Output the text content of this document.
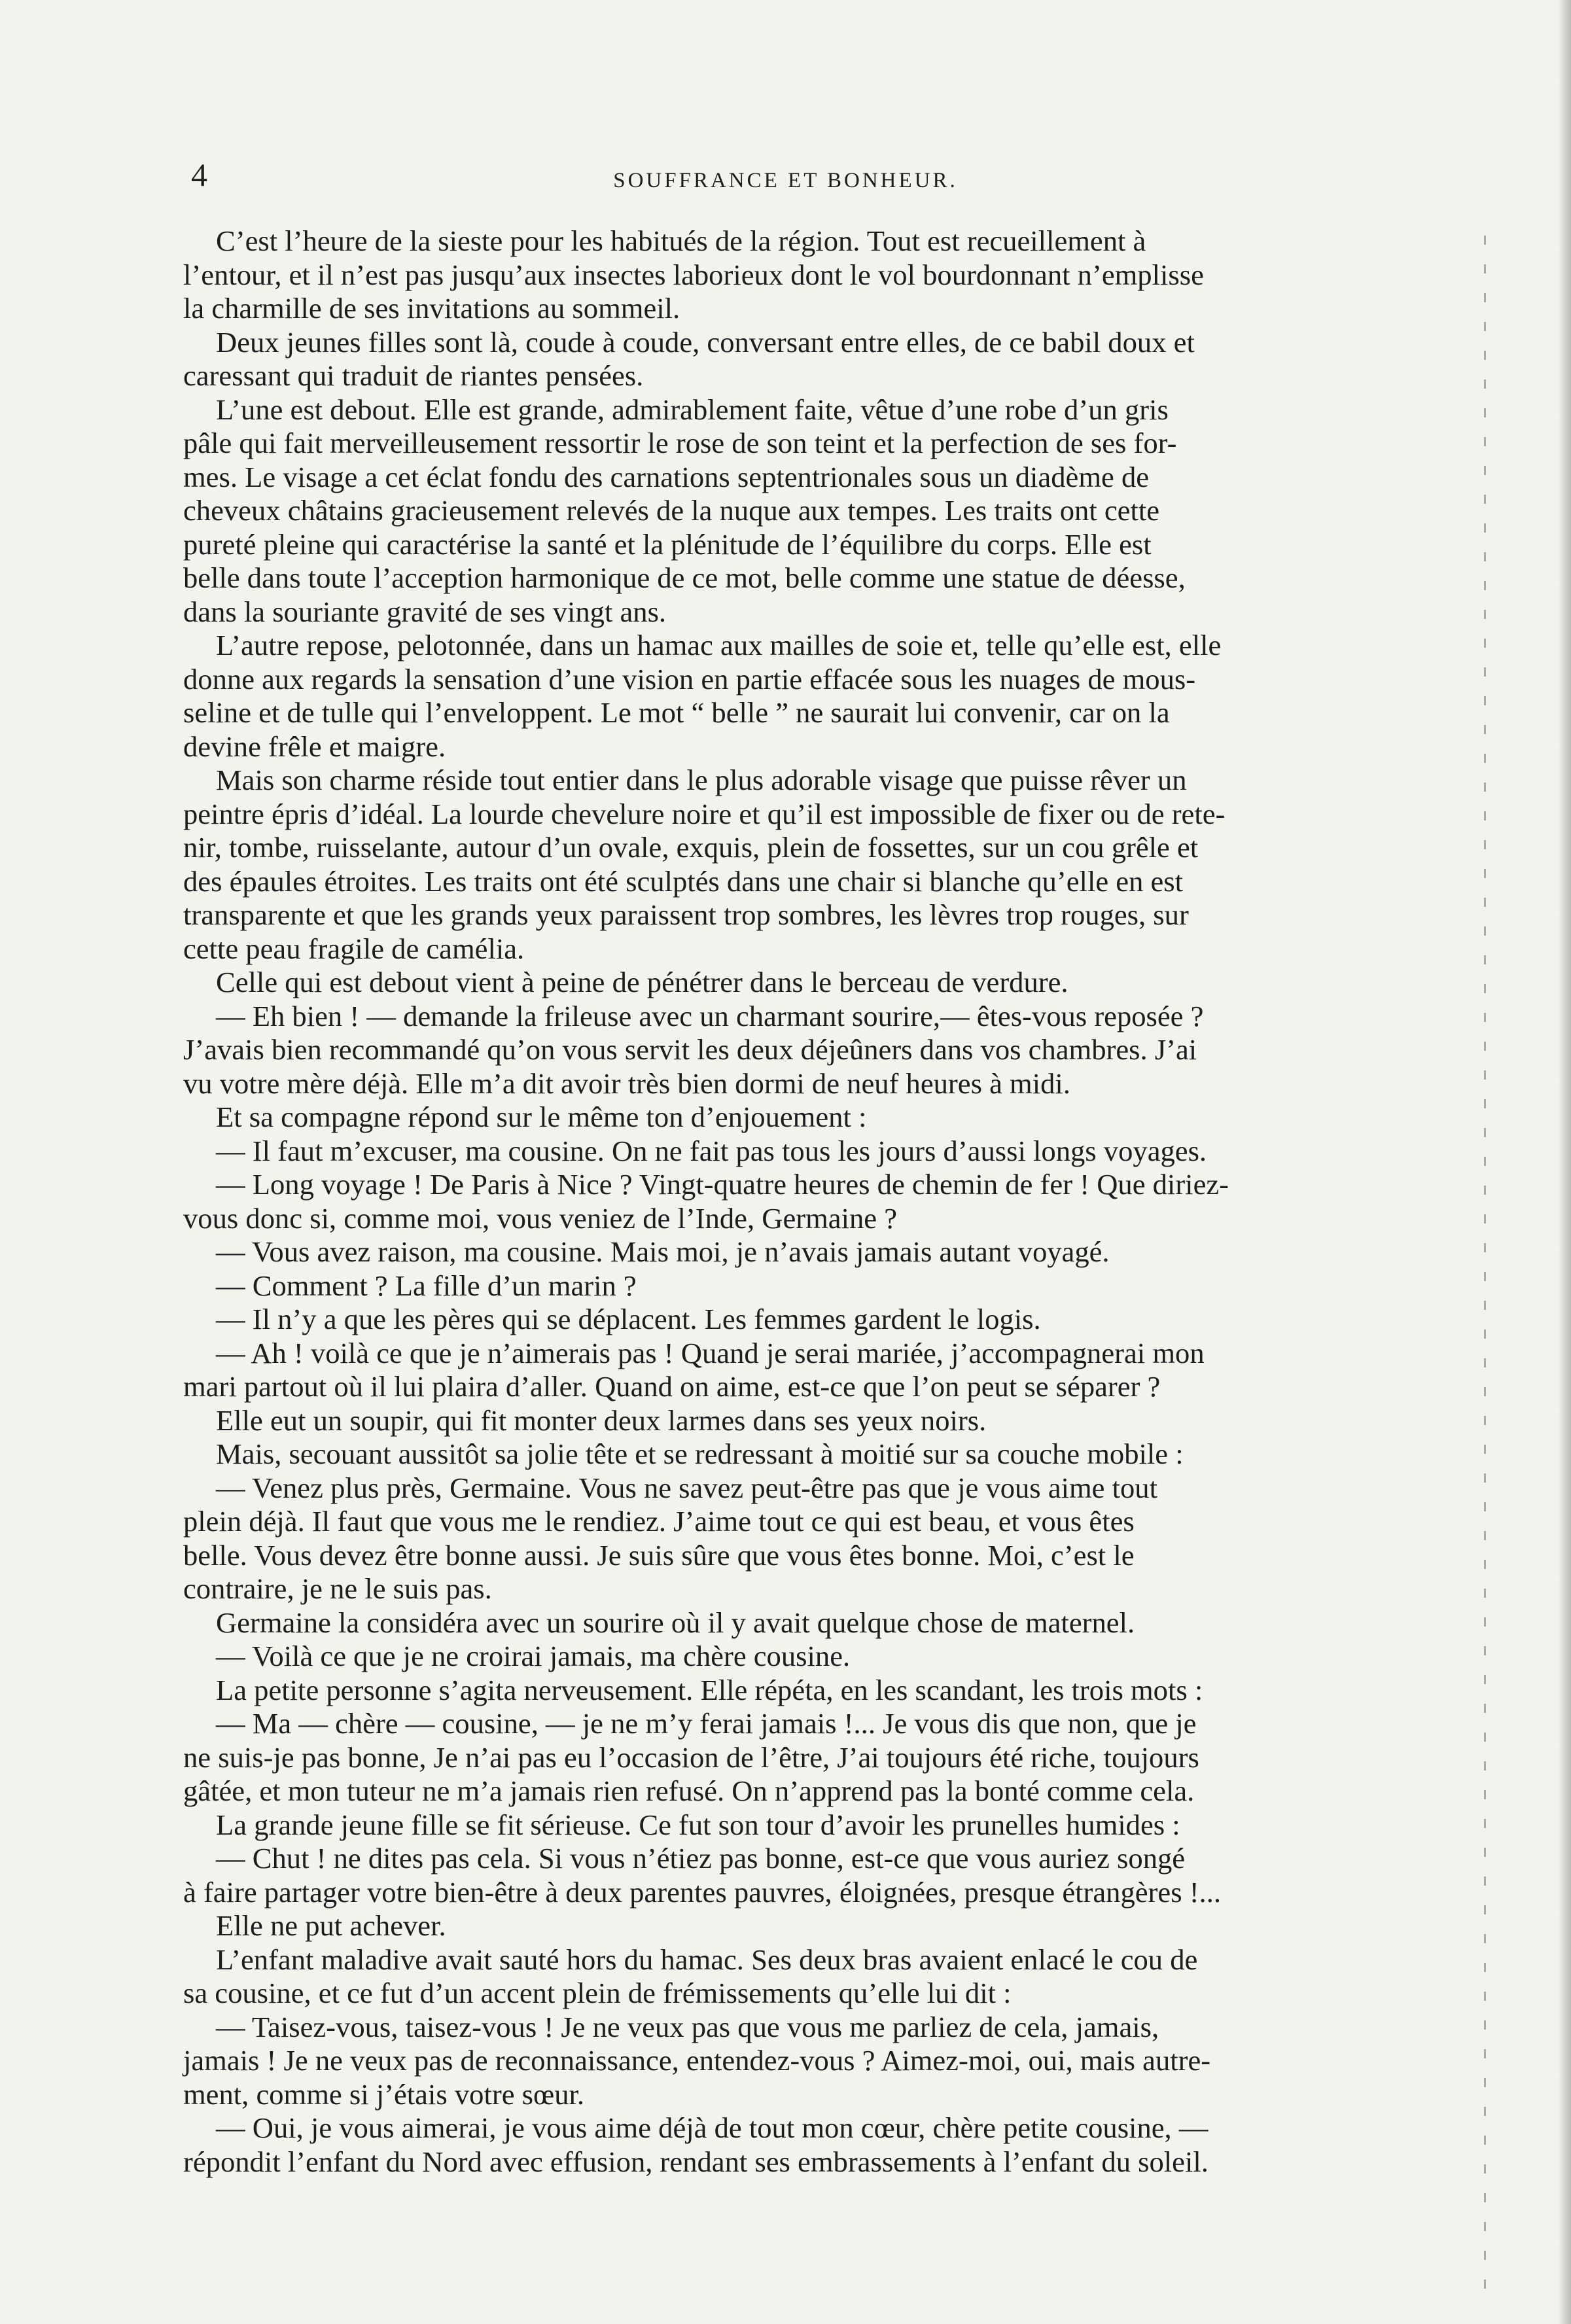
4	SOUFFRANCE ET BONHEUR.

C’est l’heure de la sieste pour les habitués de la région. Tout est recueillement à
l’entour, et il n’est pas jusqu’aux insectes laborieux dont le vol bourdonnant n’emplisse
la charmille de ses invitations au sommeil.

Deux jeunes filles sont là, coude à coude, conversant entre elles, de ce babil doux et
caressant qui traduit de riantes pensées.

L’une est debout. Elle est grande, admirablement faite, vêtue d’une robe d’un gris
pâle qui fait merveilleusement ressortir le rose de son teint et la perfection de ses for-
mes. Le visage a cet éclat fondu des carnations septentrionales sous un diadème de
cheveux châtains gracieusement relevés de la nuque aux tempes. Les traits ont cette
pureté pleine qui caractérise la santé et la plénitude de l’équilibre du corps. Elle est
belle dans toute l’acception harmonique de ce mot, belle comme une statue de déesse,
dans la souriante gravité de ses vingt ans.

L’autre repose, pelotonnée, dans un hamac aux mailles de soie et, telle qu’elle est, elle
donne aux regards la sensation d’une vision en partie effacée sous les nuages de mous-
seline et de tulle qui l’enveloppent. Le mot “ belle ” ne saurait lui convenir, car on la
devine frêle et maigre.

Mais son charme réside tout entier dans le plus adorable visage que puisse rêver un
peintre épris d’idéal. La lourde chevelure noire et qu’il est impossible de fixer ou de rete-
nir, tombe, ruisselante, autour d’un ovale, exquis, plein de fossettes, sur un cou grêle et
des épaules étroites. Les traits ont été sculptés dans une chair si blanche qu’elle en est
transparente et que les grands yeux paraissent trop sombres, les lèvres trop rouges, sur
cette peau fragile de camélia.

Celle qui est debout vient à peine de pénétrer dans le berceau de verdure.

— Eh bien ! — demande la frileuse avec un charmant sourire,— êtes-vous reposée ?
J’avais bien recommandé qu’on vous servit les deux déjeûners dans vos chambres. J’ai
vu votre mère déjà. Elle m’a dit avoir très bien dormi de neuf heures à midi.

Et sa compagne répond sur le même ton d’enjouement :

— Il faut m’excuser, ma cousine. On ne fait pas tous les jours d’aussi longs voyages.

— Long voyage ! De Paris à Nice ? Vingt-quatre heures de chemin de fer ! Que diriez-
vous donc si, comme moi, vous veniez de l’Inde, Germaine ?

— Vous avez raison, ma cousine. Mais moi, je n’avais jamais autant voyagé.

— Comment ? La fille d’un marin ?

— Il n’y a que les pères qui se déplacent. Les femmes gardent le logis.

— Ah ! voilà ce que je n’aimerais pas ! Quand je serai mariée, j’accompagnerai mon
mari partout où il lui plaira d’aller. Quand on aime, est-ce que l’on peut se séparer ?

Elle eut un soupir, qui fit monter deux larmes dans ses yeux noirs.

Mais, secouant aussitôt sa jolie tête et se redressant à moitié sur sa couche mobile :

— Venez plus près, Germaine. Vous ne savez peut-être pas que je vous aime tout
plein déjà. Il faut que vous me le rendiez. J’aime tout ce qui est beau, et vous êtes
belle. Vous devez être bonne aussi. Je suis sûre que vous êtes bonne. Moi, c’est le
contraire, je ne le suis pas.

Germaine la considéra avec un sourire où il y avait quelque chose de maternel.

— Voilà ce que je ne croirai jamais, ma chère cousine.

La petite personne s’agita nerveusement. Elle répéta, en les scandant, les trois mots :

— Ma — chère — cousine, — je ne m’y ferai jamais !... Je vous dis que non, que je
ne suis-je pas bonne, Je n’ai pas eu l’occasion de l’être, J’ai toujours été riche, toujours
gâtée, et mon tuteur ne m’a jamais rien refusé. On n’apprend pas la bonté comme cela.

La grande jeune fille se fit sérieuse. Ce fut son tour d’avoir les prunelles humides :

— Chut ! ne dites pas cela. Si vous n’étiez pas bonne, est-ce que vous auriez songé
à faire partager votre bien-être à deux parentes pauvres, éloignées, presque étrangères !...

Elle ne put achever.

L’enfant maladive avait sauté hors du hamac. Ses deux bras avaient enlacé le cou de
sa cousine, et ce fut d’un accent plein de frémissements qu’elle lui dit :

— Taisez-vous, taisez-vous ! Je ne veux pas que vous me parliez de cela, jamais,
jamais ! Je ne veux pas de reconnaissance, entendez-vous ? Aimez-moi, oui, mais autre-
ment, comme si j’étais votre sœur.

— Oui, je vous aimerai, je vous aime déjà de tout mon cœur, chère petite cousine, —
répondit l’enfant du Nord avec effusion, rendant ses embrassements à l’enfant du soleil.
